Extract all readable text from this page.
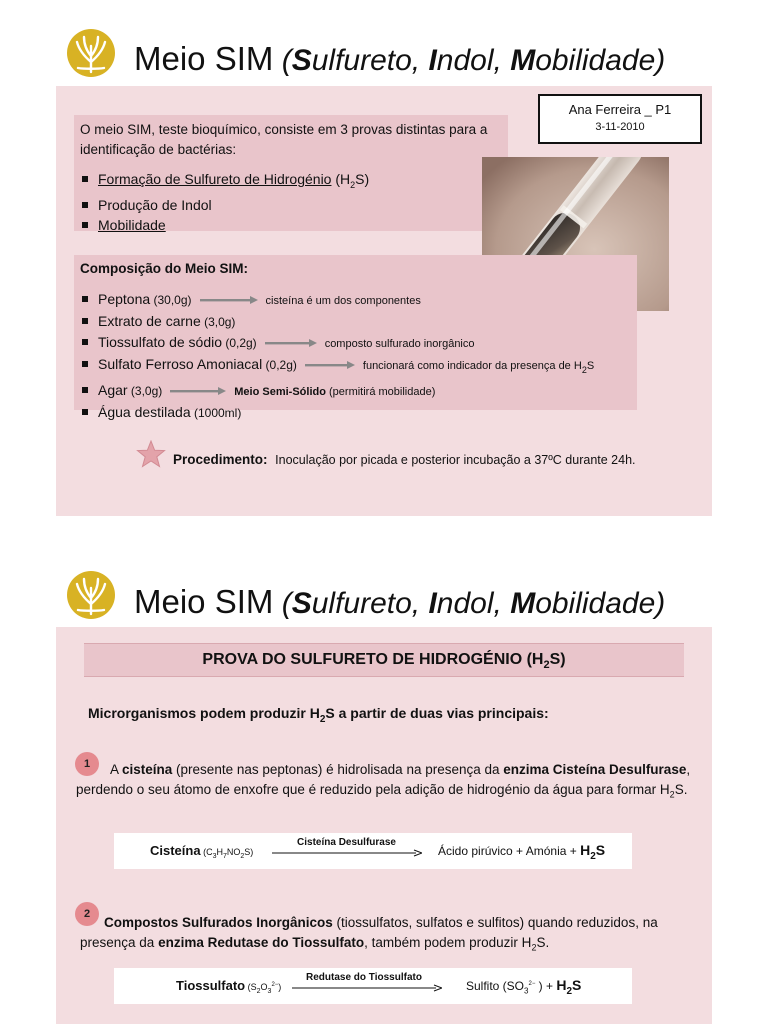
Meio SIM (Sulfureto, Indol, Mobilidade)
Ana Ferreira _ P1
3-11-2010
O meio SIM, teste bioquímico, consiste em 3 provas distintas para a identificação de bactérias:
Formação de Sulfureto de Hidrogénio $(H_2S)$
Produção de Indol
Mobilidade
Composição do Meio SIM:
Peptona (30,0g)	cisteína é um dos componentes
Extrato de carne (3,0g)
Tiossulfato de sódio (0,2g)	composto sulfurado inorgânico
Sulfato Ferroso Amoniacal (0,2g)	funcionará como indicador da presença de $H_2S$
Agar (3,0g)	Meio Semi-Sólido (permitirá mobilidade)
Água destilada (1000ml)
Procedimento: Inoculação por picada e posterior incubação a 37ºC durante 24h.
Meio SIM (Sulfureto, Indol, Mobilidade)
PROVA DO SULFURETO DE HIDROGÉNIO $(H_2S)$
Microrganismos podem produzir $H_2S$ a partir de duas vias principais:
1	A cisteína (presente nas peptonas) é hidrolisada na presença da enzima Cisteína Desulfurase, perdendo o seu átomo de enxofre que é reduzido pela adição de hidrogénio da água para formar $H_2S$.
Cisteína $(C_3H_7NO_2S)$
Cisteína Desulfurase
Ácido pirúvico + Amónia + $H_2S$
2
Compostos Sulfurados Inorgânicos (tiossulfatos, sulfatos e sulfitos) quando reduzidos, na presença da enzima Redutase do Tiossulfato, também podem produzir $H_2S$.
Tiossulfato $(S_2O_3^{2-})$
Redutase do Tiossulfato
Sulfito ($SO_3^{2-}$ ) + $H_2S$
